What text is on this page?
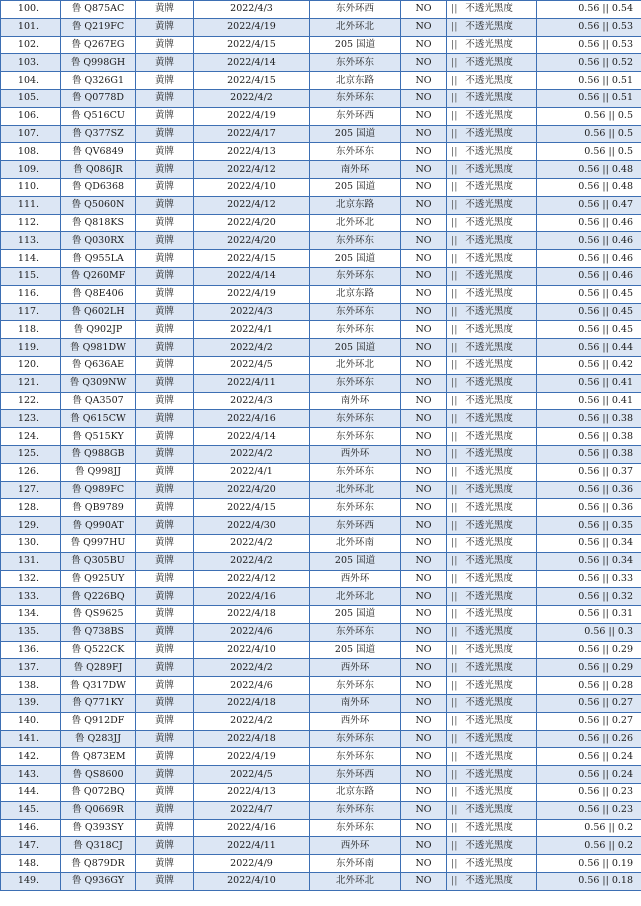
100.	鲁 Q875AC	黄牌	2022/4/3	东外环西	NO	|| 不透光黑度	0.56 || 0.54
101.	鲁 Q219FC	黄牌	2022/4/19	北外环北	NO	|| 不透光黑度	0.56 || 0.53
102.	鲁 Q267EG	黄牌	2022/4/15	205 国道	NO	|| 不透光黑度	0.56 || 0.53
103.	鲁 Q998GH	黄牌	2022/4/14	东外环东	NO	|| 不透光黑度	0.56 || 0.52
104.	鲁 Q326G1	黄牌	2022/4/15	北京东路	NO	|| 不透光黑度	0.56 || 0.51
105.	鲁 Q0778D	黄牌	2022/4/2	东外环东	NO	|| 不透光黑度	0.56 || 0.51
106.	鲁 Q516CU	黄牌	2022/4/19	东外环西	NO	|| 不透光黑度	0.56 || 0.5
107.	鲁 Q377SZ	黄牌	2022/4/17	205 国道	NO	|| 不透光黑度	0.56 || 0.5
108.	鲁 QV6849	黄牌	2022/4/13	东外环东	NO	|| 不透光黑度	0.56 || 0.5
109.	鲁 Q086JR	黄牌	2022/4/12	南外环	NO	|| 不透光黑度	0.56 || 0.48
110.	鲁 QD6368	黄牌	2022/4/10	205 国道	NO	|| 不透光黑度	0.56 || 0.48
111.	鲁 Q5060N	黄牌	2022/4/12	北京东路	NO	|| 不透光黑度	0.56 || 0.47
112.	鲁 Q818KS	黄牌	2022/4/20	北外环北	NO	|| 不透光黑度	0.56 || 0.46
113.	鲁 Q030RX	黄牌	2022/4/20	东外环东	NO	|| 不透光黑度	0.56 || 0.46
114.	鲁 Q955LA	黄牌	2022/4/15	205 国道	NO	|| 不透光黑度	0.56 || 0.46
115.	鲁 Q260MF	黄牌	2022/4/14	东外环东	NO	|| 不透光黑度	0.56 || 0.46
116.	鲁 Q8E406	黄牌	2022/4/19	北京东路	NO	|| 不透光黑度	0.56 || 0.45
117.	鲁 Q602LH	黄牌	2022/4/3	东外环东	NO	|| 不透光黑度	0.56 || 0.45
118.	鲁 Q902JP	黄牌	2022/4/1	东外环东	NO	|| 不透光黑度	0.56 || 0.45
119.	鲁 Q981DW	黄牌	2022/4/2	205 国道	NO	|| 不透光黑度	0.56 || 0.44
120.	鲁 Q636AE	黄牌	2022/4/5	北外环北	NO	|| 不透光黑度	0.56 || 0.42
121.	鲁 Q309NW	黄牌	2022/4/11	东外环东	NO	|| 不透光黑度	0.56 || 0.41
122.	鲁 QA3507	黄牌	2022/4/3	南外环	NO	|| 不透光黑度	0.56 || 0.41
123.	鲁 Q615CW	黄牌	2022/4/16	东外环东	NO	|| 不透光黑度	0.56 || 0.38
124.	鲁 Q515KY	黄牌	2022/4/14	东外环东	NO	|| 不透光黑度	0.56 || 0.38
125.	鲁 Q988GB	黄牌	2022/4/2	西外环	NO	|| 不透光黑度	0.56 || 0.38
126.	鲁 Q998JJ	黄牌	2022/4/1	东外环东	NO	|| 不透光黑度	0.56 || 0.37
127.	鲁 Q989FC	黄牌	2022/4/20	北外环北	NO	|| 不透光黑度	0.56 || 0.36
128.	鲁 QB9789	黄牌	2022/4/15	东外环东	NO	|| 不透光黑度	0.56 || 0.36
129.	鲁 Q990AT	黄牌	2022/4/30	东外环西	NO	|| 不透光黑度	0.56 || 0.35
130.	鲁 Q997HU	黄牌	2022/4/2	北外环南	NO	|| 不透光黑度	0.56 || 0.34
131.	鲁 Q305BU	黄牌	2022/4/2	205 国道	NO	|| 不透光黑度	0.56 || 0.34
132.	鲁 Q925UY	黄牌	2022/4/12	西外环	NO	|| 不透光黑度	0.56 || 0.33
133.	鲁 Q226BQ	黄牌	2022/4/16	北外环北	NO	|| 不透光黑度	0.56 || 0.32
134.	鲁 QS9625	黄牌	2022/4/18	205 国道	NO	|| 不透光黑度	0.56 || 0.31
135.	鲁 Q738BS	黄牌	2022/4/6	东外环东	NO	|| 不透光黑度	0.56 || 0.3
136.	鲁 Q522CK	黄牌	2022/4/10	205 国道	NO	|| 不透光黑度	0.56 || 0.29
137.	鲁 Q289FJ	黄牌	2022/4/2	西外环	NO	|| 不透光黑度	0.56 || 0.29
138.	鲁 Q317DW	黄牌	2022/4/6	东外环东	NO	|| 不透光黑度	0.56 || 0.28
139.	鲁 Q771KY	黄牌	2022/4/18	南外环	NO	|| 不透光黑度	0.56 || 0.27
140.	鲁 Q912DF	黄牌	2022/4/2	西外环	NO	|| 不透光黑度	0.56 || 0.27
141.	鲁 Q283JJ	黄牌	2022/4/18	东外环东	NO	|| 不透光黑度	0.56 || 0.26
142.	鲁 Q873EM	黄牌	2022/4/19	东外环东	NO	|| 不透光黑度	0.56 || 0.24
143.	鲁 QS8600	黄牌	2022/4/5	东外环西	NO	|| 不透光黑度	0.56 || 0.24
144.	鲁 Q072BQ	黄牌	2022/4/13	北京东路	NO	|| 不透光黑度	0.56 || 0.23
145.	鲁 Q0669R	黄牌	2022/4/7	东外环东	NO	|| 不透光黑度	0.56 || 0.23
146.	鲁 Q393SY	黄牌	2022/4/16	东外环东	NO	|| 不透光黑度	0.56 || 0.2
147.	鲁 Q318CJ	黄牌	2022/4/11	西外环	NO	|| 不透光黑度	0.56 || 0.2
148.	鲁 Q879DR	黄牌	2022/4/9	东外环南	NO	|| 不透光黑度	0.56 || 0.19
149.	鲁 Q936GY	黄牌	2022/4/10	北外环北	NO	|| 不透光黑度	0.56 || 0.18
